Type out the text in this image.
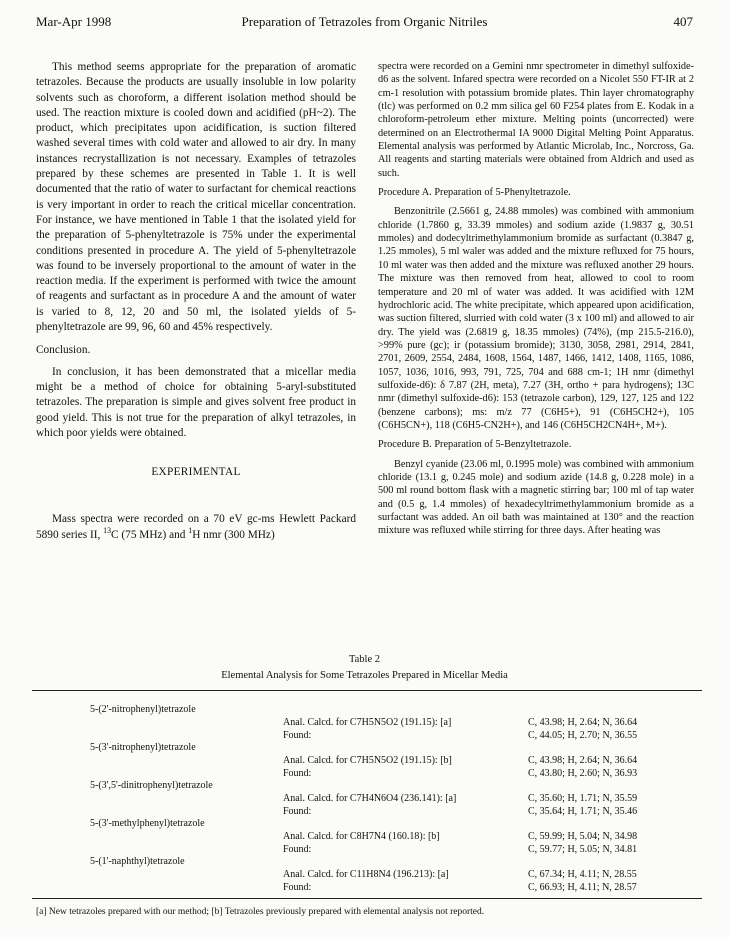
Mar-Apr 1998	Preparation of Tetrazoles from Organic Nitriles	407

This method seems appropriate for the preparation of aromatic tetrazoles. Because the products are usually insoluble in low polarity solvents such as choroform, a different isolation method should be used. The reaction mixture is cooled down and acidified (pH~2). The product, which precipitates upon acidification, is suction filtered washed several times with cold water and allowed to air dry. In many instances recrystallization is not necessary. Examples of tetrazoles prepared by these schemes are presented in Table 1. It is well documented that the ratio of water to surfactant for chemical reactions is very important in order to reach the critical micellar concentration. For instance, we have mentioned in Table 1 that the isolated yield for the preparation of 5-phenyltetrazole is 75% under the experimental conditions presented in procedure A. The yield of 5-phenyltetrazole was found to be inversely proportional to the amount of water in the reaction media. If the experiment is performed with twice the amount of reagents and surfactant as in procedure A and the amount of water is varied to 8, 12, 20 and 50 ml, the isolated yields of 5-phenyltetrazole are 99, 96, 60 and 45% respectively.

Conclusion.

In conclusion, it has been demonstrated that a micellar media might be a method of choice for obtaining 5-aryl-substituted tetrazoles. The preparation is simple and gives solvent free product in good yield. This is not true for the preparation of alkyl tetrazoles, in which poor yields were obtained.

EXPERIMENTAL

Mass spectra were recorded on a 70 eV gc-ms Hewlett Packard 5890 series II, $^{13}$C (75 MHz) and $^1$H nmr (300 MHz)

spectra were recorded on a Gemini nmr spectrometer in dimethyl sulfoxide-d6 as the solvent. Infared spectra were recorded on a Nicolet 550 FT-IR at 2 cm-1 resolution with potassium bromide plates. Thin layer chromatography (tlc) was performed on 0.2 mm silica gel 60 F254 plates from E. Kodak in a chloroform-petroleum ether mixture. Melting points (uncorrected) were determined on an Electrothermal IA 9000 Digital Melting Point Apparatus. Elemental analysis was performed by Atlantic Microlab, Inc., Norcross, Ga. All reagents and starting materials were obtained from Aldrich and used as such.

Procedure A. Preparation of 5-Phenyltetrazole.

Benzonitrile (2.5661 g, 24.88 mmoles) was combined with ammonium chloride (1.7860 g, 33.39 mmoles) and sodium azide (1.9837 g, 30.51 mmoles) and dodecyltrimethylammonium bromide as surfactant (0.3847 g, 1.25 mmoles), 5 ml waler was added and the mixture refluxed for 75 hours, 10 ml water was then added and the mixture was refluxed another 29 hours. The mixture was then removed from heat, allowed to cool to room temperature and 20 ml of water was added. It was acidified with 12M hydrochloric acid. The white precipitate, which appeared upon acidification, was suction filtered, slurried with cold water (3 x 100 ml) and allowed to air dry. The yield was (2.6819 g, 18.35 mmoles) (74%), (mp 215.5-216.0), >99% pure (gc); ir (potassium bromide); 3130, 3058, 2981, 2914, 2841, 2701, 2609, 2554, 2484, 1608, 1564, 1487, 1466, 1412, 1408, 1165, 1086, 1057, 1036, 1016, 993, 791, 725, 704 and 688 cm-1; 1H nmr (dimethyl sulfoxide-d6): δ 7.87 (2H, meta), 7.27 (3H, ortho + para hydrogens); 13C nmr (dimethyl sulfoxide-d6): 153 (tetrazole carbon), 129, 127, 125 and 122 (benzene carbons); ms: m/z 77 (C6H5+), 91 (C6H5CH2+), 105 (C6H5CN+), 118 (C6H5-CN2H+), and 146 (C6H5CH2CN4H+, M+).

Procedure B. Preparation of 5-Benzyltetrazole.

Benzyl cyanide (23.06 ml, 0.1995 mole) was combined with ammonium chloride (13.1 g, 0.245 mole) and sodium azide (14.8 g, 0.228 mole) in a 500 ml round bottom flask with a magnetic stirring bar; 100 ml of tap water and (0.5 g, 1.4 mmoles) of hexadecyltrimethylammonium bromide as a surfactant was added. An oil bath was maintained at 130° and the reaction mixture was refluxed while stirring for three days. After heating was

Table 2
Elemental Analysis for Some Tetrazoles Prepared in Micellar Media
5-(2'-nitrophenyl)tetrazole
Anal. Calcd. for C7H5N5O2 (191.15): [a]
Found:
C, 43.98; H, 2.64; N, 36.64
C, 44.05; H, 2.70; N, 36.55
5-(3'-nitrophenyl)tetrazole
Anal. Calcd. for C7H5N5O2 (191.15): [b]
Found:
C, 43.98; H, 2.64; N, 36.64
C, 43.80; H, 2.60; N, 36.93
5-(3',5'-dinitrophenyl)tetrazole
Anal. Calcd. for C7H4N6O4 (236.141): [a]
Found:
C, 35.60; H, 1.71; N, 35.59
C, 35.64; H, 1.71; N, 35.46
5-(3'-methylphenyl)tetrazole
Anal. Calcd. for C8H7N4 (160.18): [b]
Found:
C, 59.99; H, 5.04; N, 34.98
C, 59.77; H, 5.05; N, 34.81
5-(1'-naphthyl)tetrazole
Anal. Calcd. for C11H8N4 (196.213): [a]
Found:
C, 67.34; H, 4.11; N, 28.55
C, 66.93; H, 4.11; N, 28.57
[a] New tetrazoles prepared with our method; [b] Tetrazoles previously prepared with elemental analysis not reported.
